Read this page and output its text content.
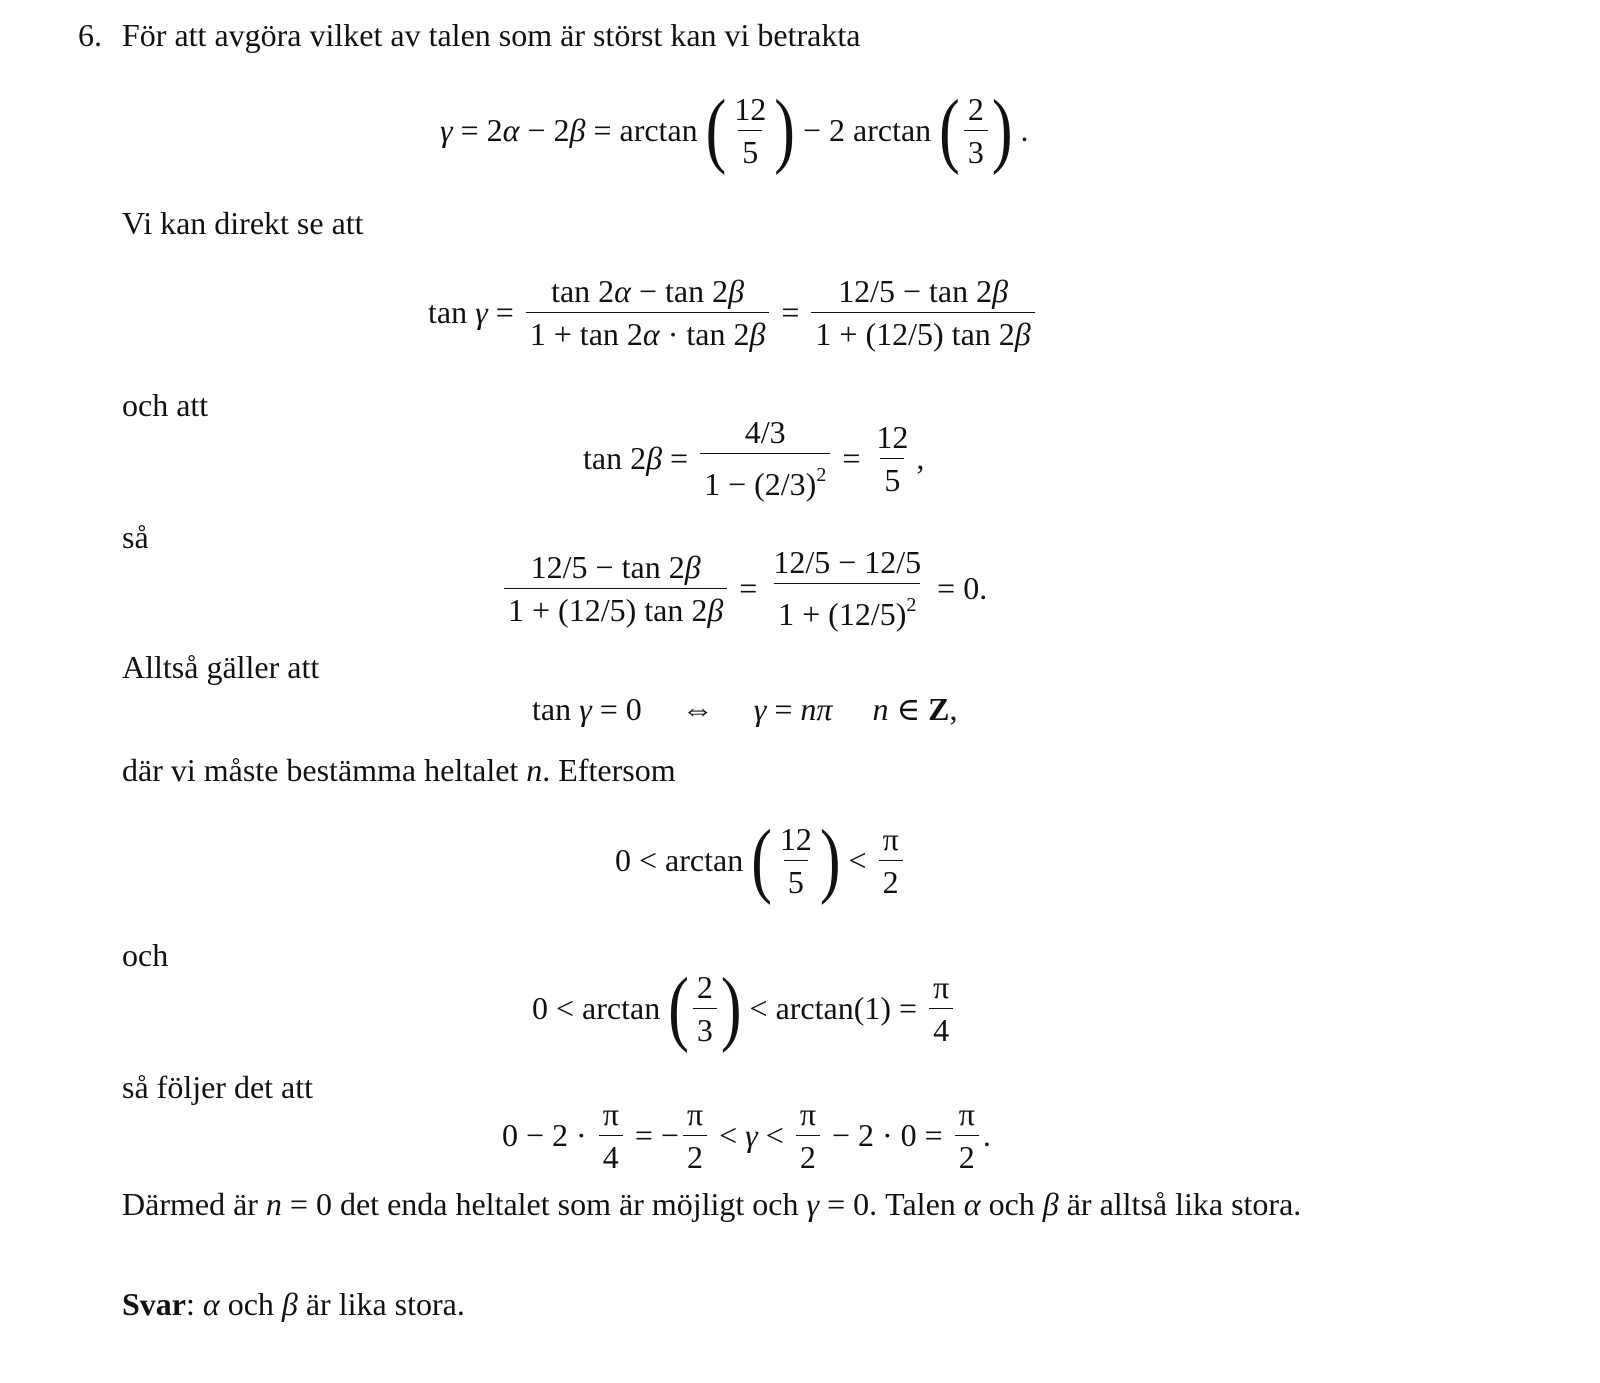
6. För att avgöra vilket av talen som är störst kan vi betrakta
γ = 2 α − 2 β = arctan ( $\frac{12}{5}$ ) − 2 arctan ( $\frac{2}{3}$ ) .
Vi kan direkt se att
$\tan \gamma = \frac{\tan 2\alpha - \tan 2\beta}{1 + \tan 2\alpha \cdot \tan 2\beta} = \frac{12/5 - \tan 2\beta}{1 + (12/5) \tan 2\beta}$
och att
tan 2 $\beta = \frac{4/3}{1 - (2/3)^2} = \frac{12}{5}$ ,
så
$\frac{12/5 - \tan 2\beta}{1 + (12/5) \tan 2\beta} = \frac{12/5 - 12/5}{1 + (12/5)^2} = 0$.
Alltså gäller att
tan γ = 0     ⇔ γ = nπ
n ∈ Z ,
där vi måste bestämma heltalet n. Eftersom
0 < arctan ( $\frac{12}{5}$ ) < $\frac{\pi}{2}$
och
0 < arctan ( $\frac{2}{3}$ ) < $\arctan(1) = \frac{\pi}{4}$
så följer det att
$0 - 2 \cdot \frac{\pi}{4}$ = − $\frac{\pi}{2} < \gamma < \frac{\pi}{2} - 2 \cdot 0 = \frac{\pi}{2}$ .
Därmed är n = 0 det enda heltalet som är möjligt och γ = 0. Talen α och β är alltså lika stora.
Svar: α och β är lika stora.
